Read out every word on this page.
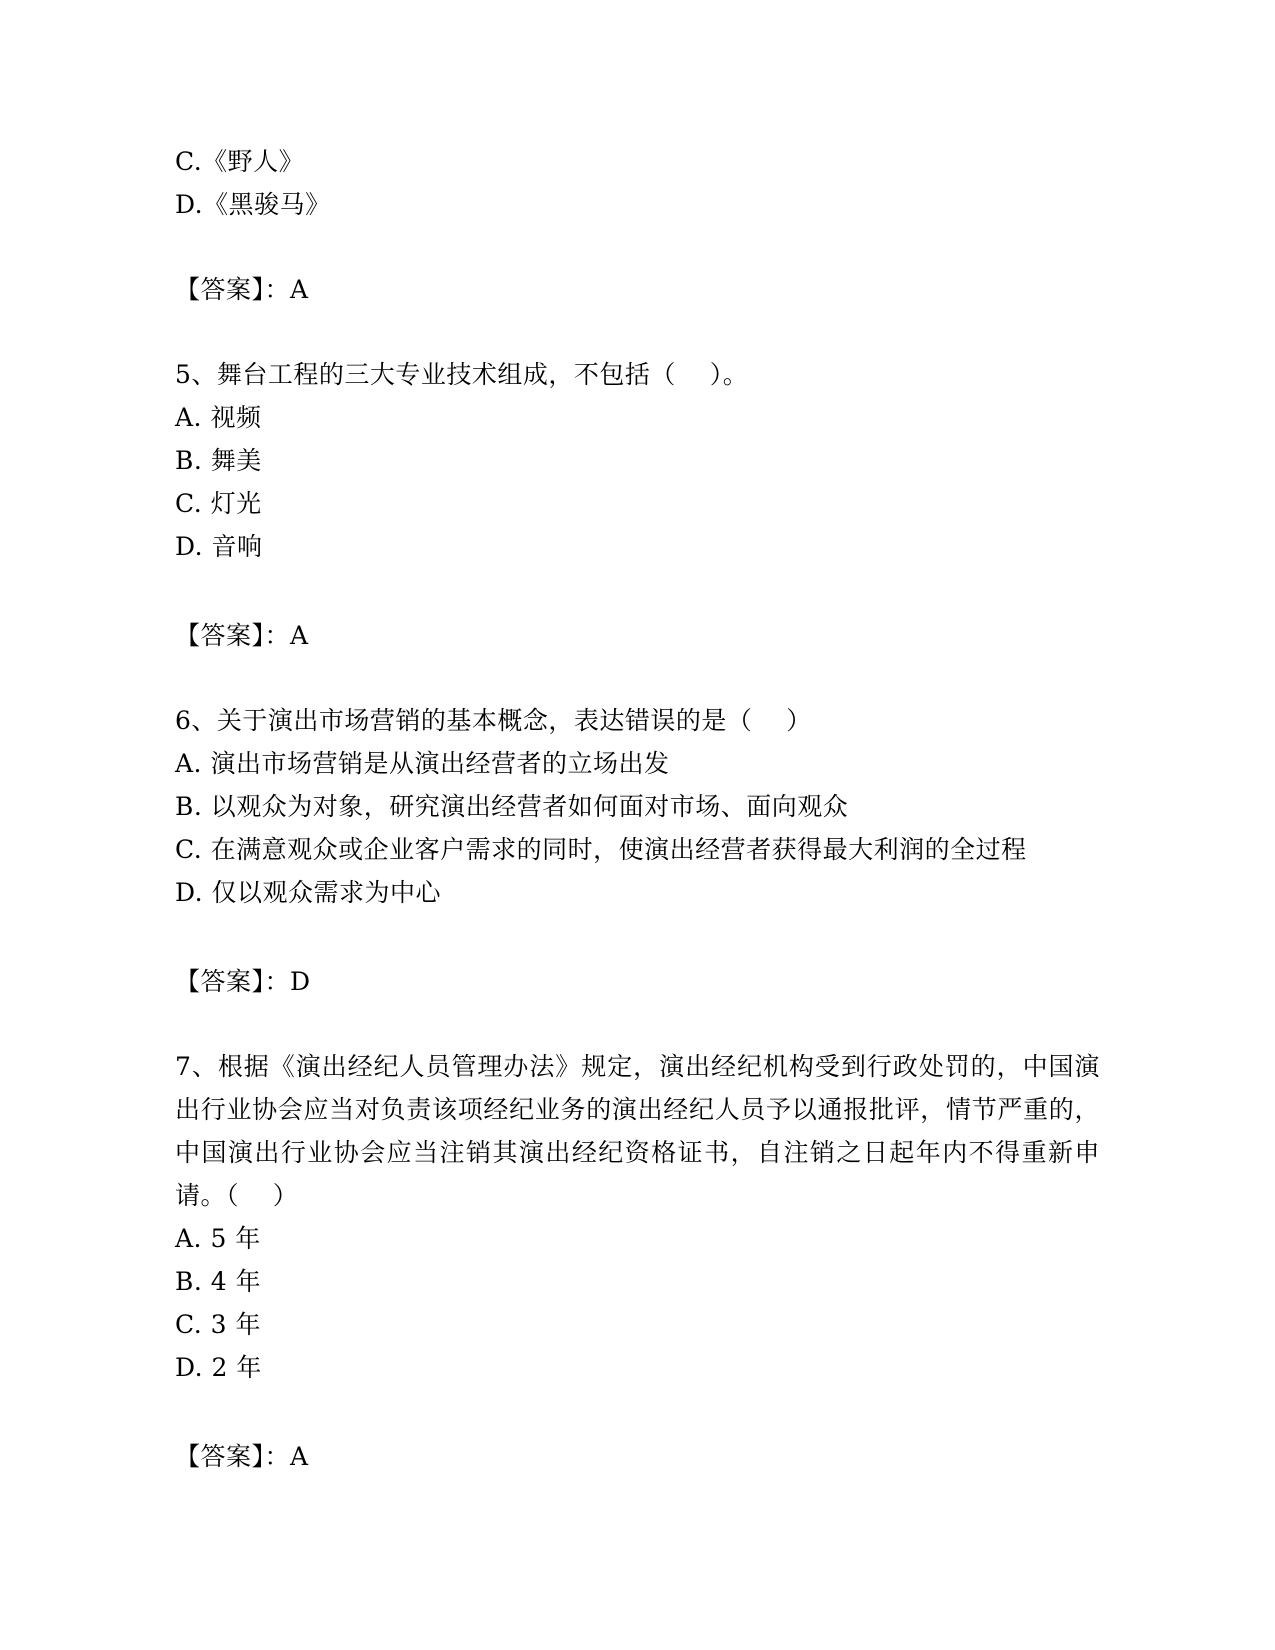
C.《野人》

D.《黑骏马》

【答案】：A

5、舞台工程的三大专业技术组成，不包括（    ）。

A. 视频

B. 舞美

C. 灯光

D. 音响

【答案】：A

6、关于演出市场营销的基本概念，表达错误的是（    ）

A. 演出市场营销是从演出经营者的立场出发

B. 以观众为对象，研究演出经营者如何面对市场、面向观众

C. 在满意观众或企业客户需求的同时，使演出经营者获得最大利润的全过程

D. 仅以观众需求为中心

【答案】：D

7、根据《演出经纪人员管理办法》规定，演出经纪机构受到行政处罚的，中国演出行业协会应当对负责该项经纪业务的演出经纪人员予以通报批评，情节严重的，中国演出行业协会应当注销其演出经纪资格证书，自注销之日起年内不得重新申请。（    ）

A. 5 年

B. 4 年

C. 3 年

D. 2 年

【答案】：A
